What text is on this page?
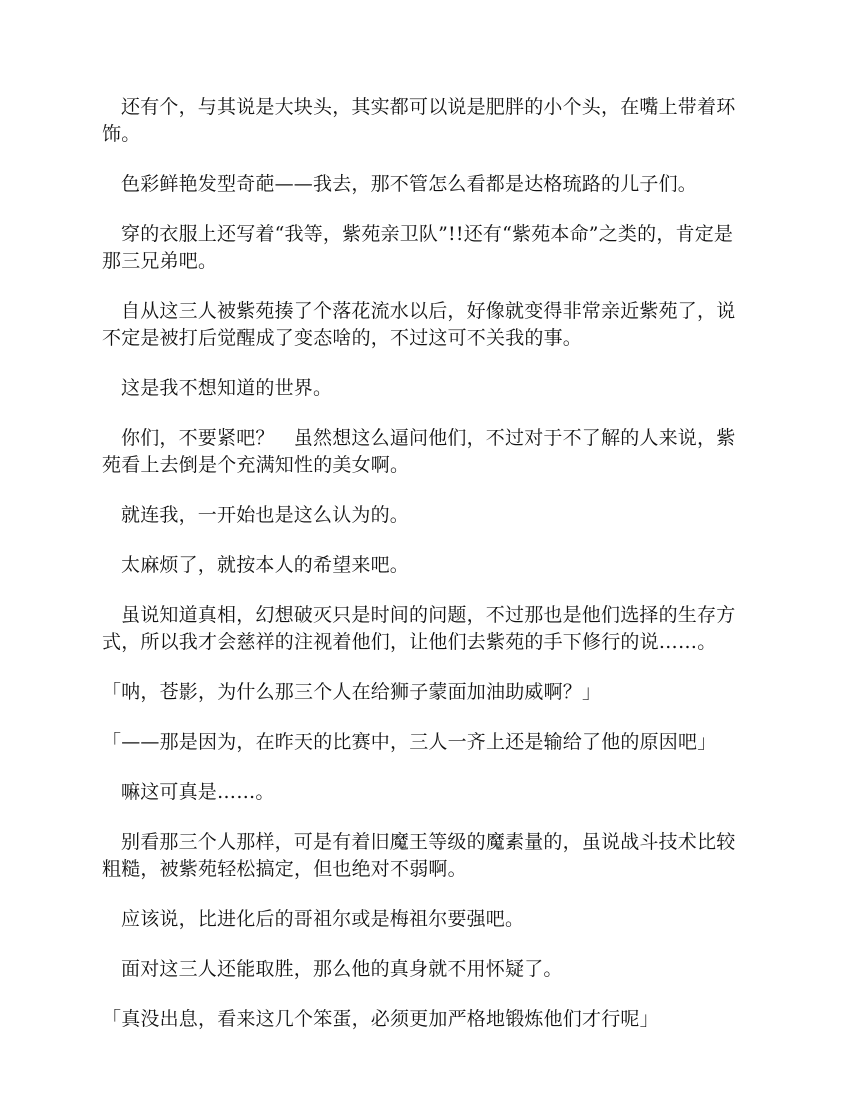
还有个，与其说是大块头，其实都可以说是肥胖的小个头，在嘴上带着环饰。

色彩鲜艳发型奇葩——我去，那不管怎么看都是达格琉路的儿子们。

穿的衣服上还写着“我等，紫苑亲卫队”!!还有“紫苑本命”之类的，肯定是那三兄弟吧。

自从这三人被紫苑揍了个落花流水以后，好像就变得非常亲近紫苑了，说不定是被打后觉醒成了变态啥的，不过这可不关我的事。

这是我不想知道的世界。

你们，不要紧吧？　虽然想这么逼问他们，不过对于不了解的人来说，紫苑看上去倒是个充满知性的美女啊。

就连我，一开始也是这么认为的。

太麻烦了，就按本人的希望来吧。

虽说知道真相，幻想破灭只是时间的问题，不过那也是他们选择的生存方式，所以我才会慈祥的注视着他们，让他们去紫苑的手下修行的说……。

「呐，苍影，为什么那三个人在给狮子蒙面加油助威啊？」

「——那是因为，在昨天的比赛中，三人一齐上还是输给了他的原因吧」

嘛这可真是……。

别看那三个人那样，可是有着旧魔王等级的魔素量的，虽说战斗技术比较粗糙，被紫苑轻松搞定，但也绝对不弱啊。

应该说，比进化后的哥祖尔或是梅祖尔要强吧。

面对这三人还能取胜，那么他的真身就不用怀疑了。

「真没出息，看来这几个笨蛋，必须更加严格地锻炼他们才行呢」
